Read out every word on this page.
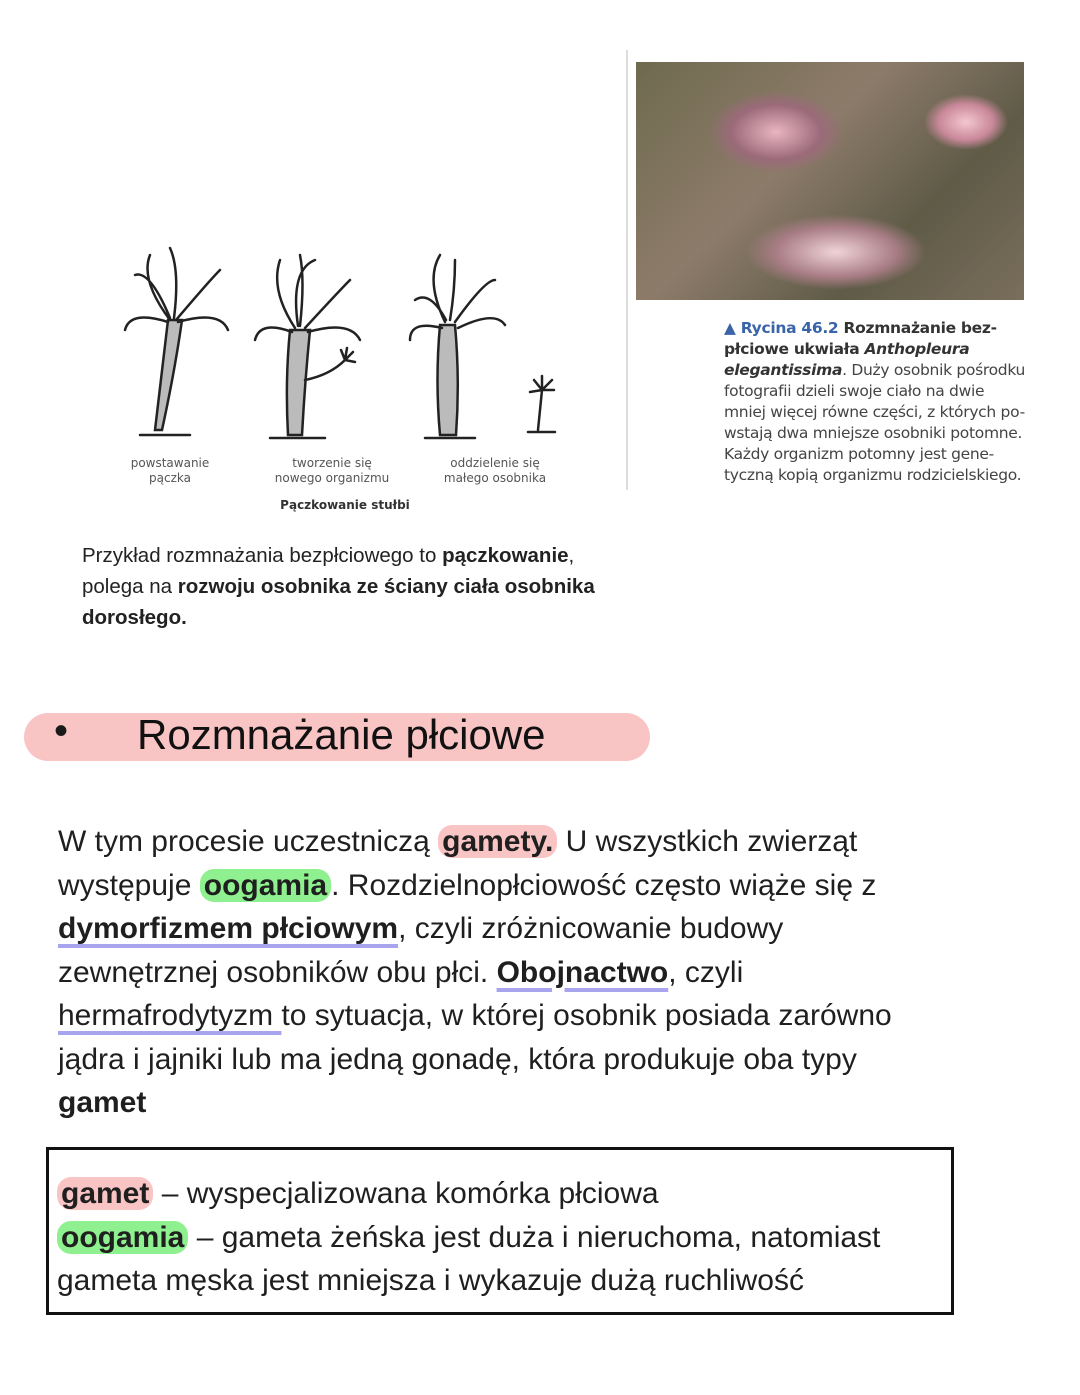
powstawanie
pączka
tworzenie się
nowego organizmu
oddzielenie się
małego osobnika
Pączkowanie stułbi
▲ Rycina 46.2 Rozmnażanie bez-
płciowe ukwiała Anthopleura
elegantissima. Duży osobnik pośrodku
fotografii dzieli swoje ciało na dwie
mniej więcej równe części, z których po-
wstają dwa mniejsze osobniki potomne.
Każdy organizm potomny jest gene-
tyczną kopią organizmu rodzicielskiego.
Przykład rozmnażania bezpłciowego to pączkowanie,
polega na rozwoju osobnika ze ściany ciała osobnika
dorosłego.
• Rozmnażanie płciowe
W tym procesie uczestniczą gamety. U wszystkich zwierząt
występuje oogamia . Rozdzielnopłciowość często wiąże się z
dymorfizmem płciowym, czyli zróżnicowanie budowy
zewnętrznej osobników obu płci. Obojnactwo, czyli
hermafrodytyzm to sytuacja, w której osobnik posiada zarówno
jądra i jajniki lub ma jedną gonadę, która produkuje oba typy
gamet
gamet – wyspecjalizowana komórka płciowa
oogamia – gameta żeńska jest duża i nieruchoma, natomiast
gameta męska jest mniejsza i wykazuje dużą ruchliwość
